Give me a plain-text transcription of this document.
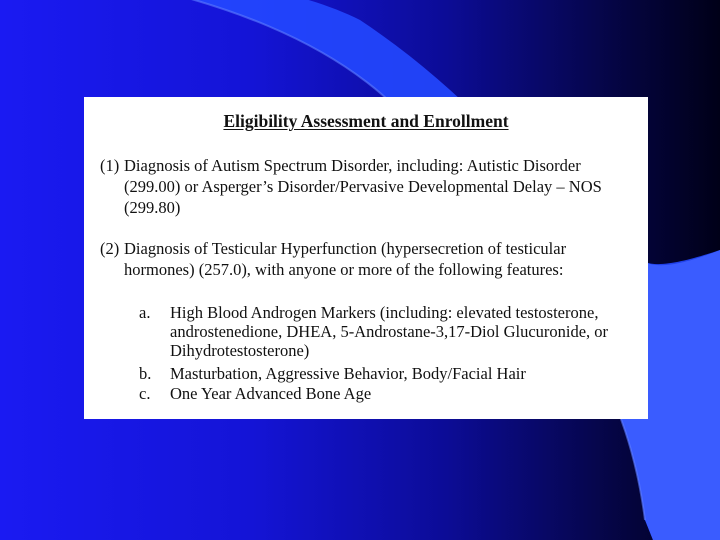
Eligibility Assessment and Enrollment
(1) Diagnosis of Autism Spectrum Disorder, including: Autistic Disorder (299.00) or Asperger’s Disorder/Pervasive Developmental Delay – NOS (299.80)
(2) Diagnosis of Testicular Hyperfunction (hypersecretion of testicular hormones) (257.0), with anyone or more of the following features:
a. High Blood Androgen Markers (including: elevated testosterone, androstenedione, DHEA, 5-Androstane-3,17-Diol Glucuronide, or Dihydrotestosterone)
b. Masturbation, Aggressive Behavior, Body/Facial Hair
c. One Year Advanced Bone Age
